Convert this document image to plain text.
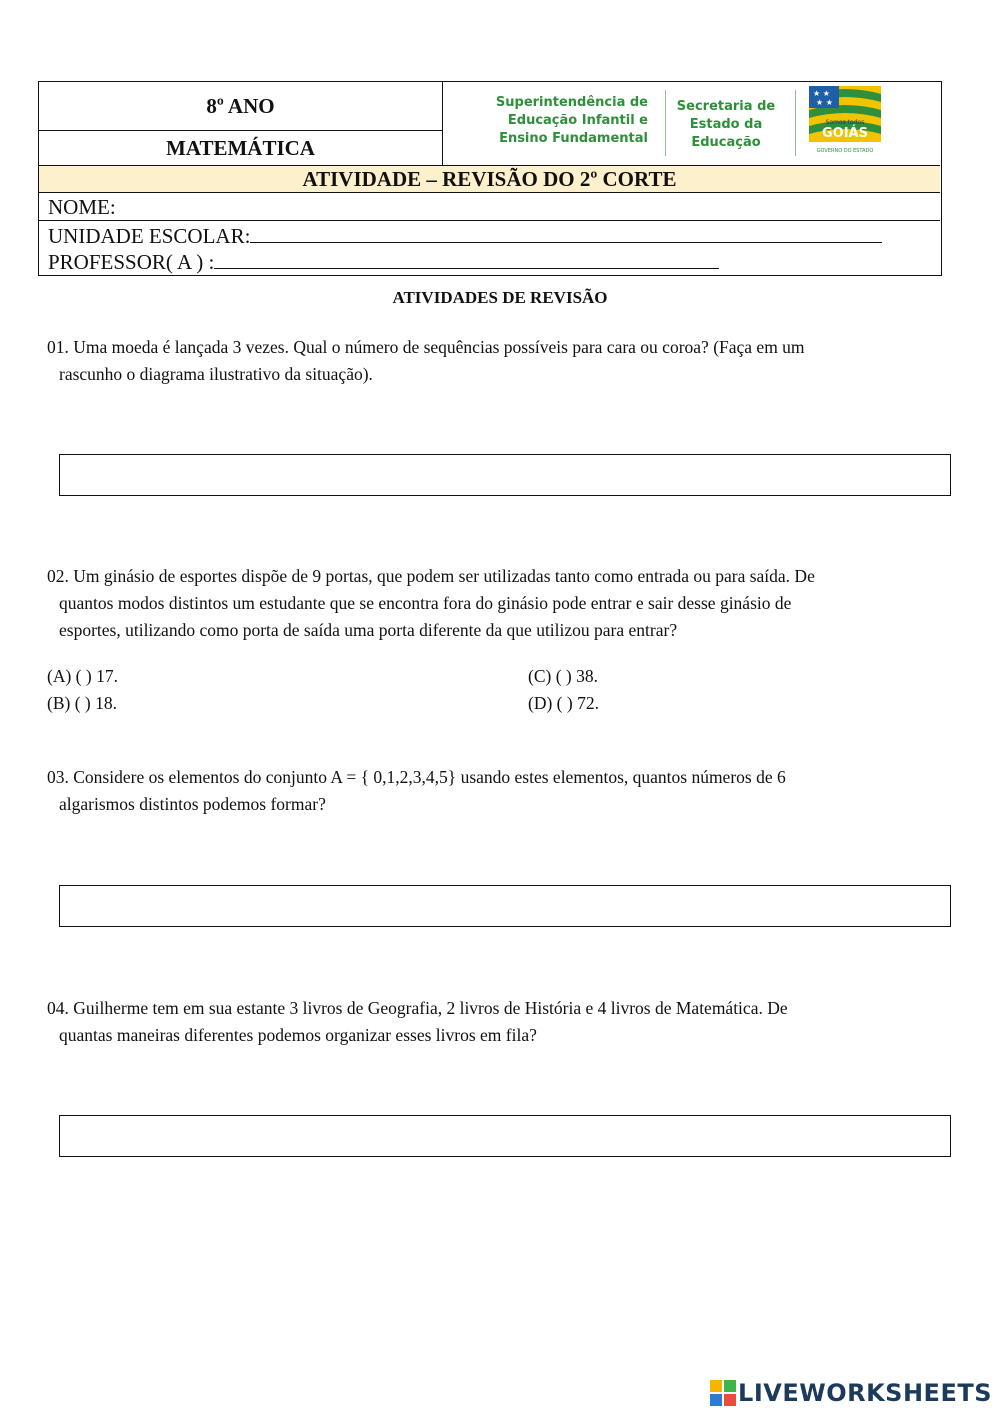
8º ANO
MATEMÁTICA
Superintendência de
Educação Infantil e
Ensino Fundamental
Secretaria de
Estado da
Educação
★ ★
★ ★
Somos todos
GOIÁS
GOVERNO DO ESTADO
ATIVIDADE – REVISÃO DO 2º CORTE
NOME:
UNIDADE ESCOLAR:
PROFESSOR( A ) :
ATIVIDADES DE REVISÃO
01. Uma moeda é lançada 3 vezes. Qual o número de sequências possíveis para cara ou coroa? (Faça em um
rascunho o diagrama ilustrativo da situação).
02. Um ginásio de esportes dispõe de 9 portas, que podem ser utilizadas tanto como entrada ou para saída. De
quantos modos distintos um estudante que se encontra fora do ginásio pode entrar e sair desse ginásio de
esportes, utilizando como porta de saída uma porta diferente da que utilizou para entrar?
(A) ( ) 17.
(B) ( ) 18.
(C) ( ) 38.
(D) ( ) 72.
03. Considere os elementos do conjunto A = { 0,1,2,3,4,5} usando estes elementos, quantos números de 6
algarismos distintos podemos formar?
04. Guilherme tem em sua estante 3 livros de Geografia, 2 livros de História e 4 livros de Matemática. De
quantas maneiras diferentes podemos organizar esses livros em fila?
LIVEWORKSHEETS
